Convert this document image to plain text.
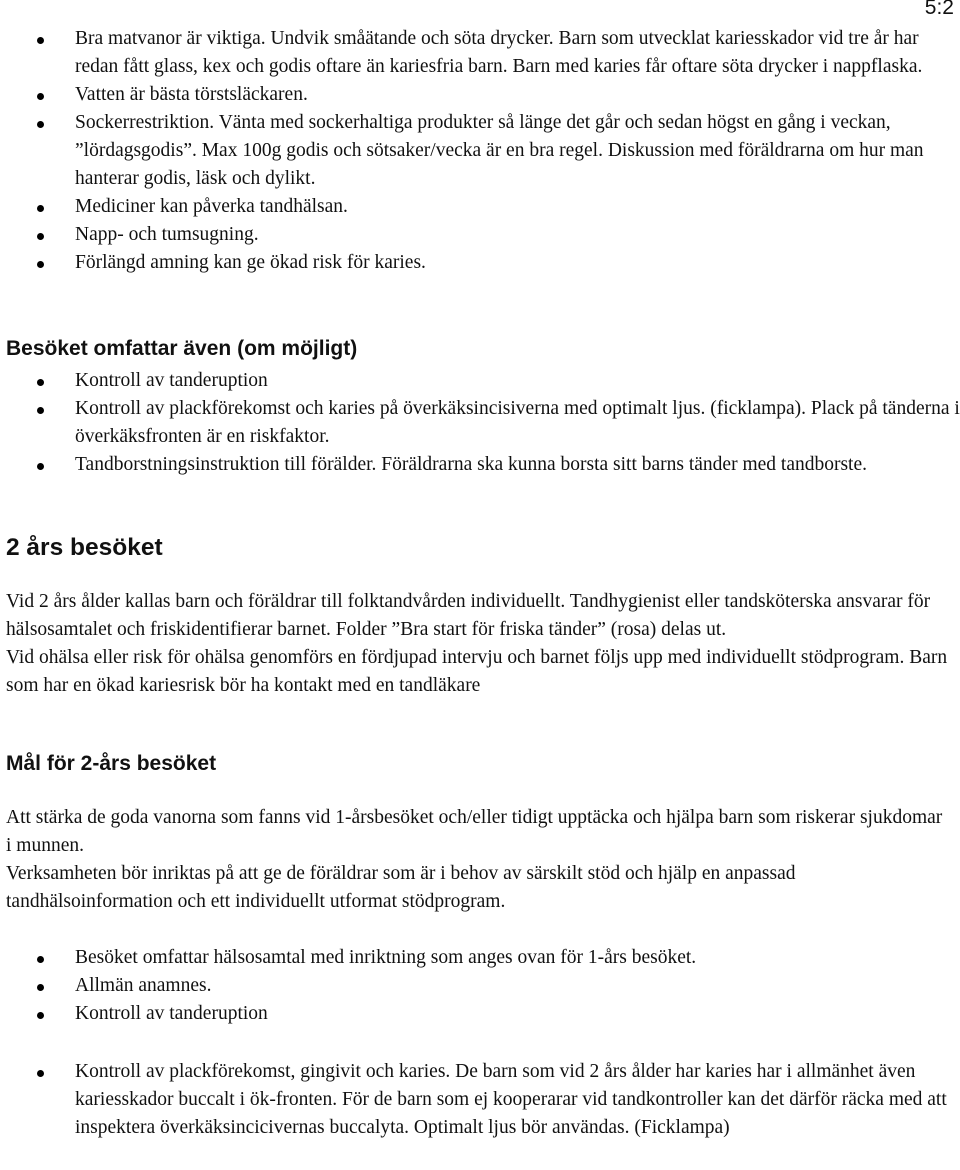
5:2
Bra matvanor är viktiga. Undvik småätande och söta drycker. Barn som utvecklat kariesskador vid tre år har redan fått glass, kex och godis oftare än kariesfria barn. Barn med karies får oftare söta drycker i nappflaska.
Vatten är bästa törstsläckaren.
Sockerrestriktion. Vänta med sockerhaltiga produkter så länge det går och sedan högst en gång i veckan, ”lördagsgodis”. Max 100g godis och sötsaker/vecka är en bra regel. Diskussion med föräldrarna om hur man hanterar godis, läsk och dylikt.
Mediciner kan påverka tandhälsan.
Napp- och tumsugning.
Förlängd amning kan ge ökad risk för karies.
Besöket omfattar även (om möjligt)
Kontroll av tanderuption
Kontroll av plackförekomst och karies på överkäksincisiverna med optimalt ljus. (ficklampa). Plack på tänderna i överkäksfronten är en riskfaktor.
Tandborstningsinstruktion till förälder. Föräldrarna ska kunna borsta sitt barns tänder med tandborste.
2 års besöket

Vid 2 års ålder kallas barn och föräldrar till folktandvården individuellt. Tandhygienist eller tandsköterska ansvarar för hälsosamtalet och friskidentifierar barnet. Folder ”Bra start för friska tänder” (rosa) delas ut.

Vid ohälsa eller risk för ohälsa genomförs en fördjupad intervju och barnet följs upp med individuellt stödprogram. Barn som har en ökad kariesrisk bör ha kontakt med en tandläkare

Mål för 2-års besöket

Att stärka de goda vanorna som fanns vid 1-årsbesöket och/eller tidigt upptäcka och hjälpa barn som riskerar sjukdomar i munnen.

Verksamheten bör inriktas på att ge de föräldrar som är i behov av särskilt stöd och hjälp en anpassad tandhälsoinformation och ett individuellt utformat stödprogram.

Besöket omfattar hälsosamtal med inriktning som anges ovan för 1-års besöket.
Allmän anamnes.
Kontroll av tanderuption
Kontroll av plackförekomst, gingivit och karies. De barn som vid 2 års ålder har karies har i allmänhet även kariesskador buccalt i ök-fronten. För de barn som ej kooperarar vid tandkontroller kan det därför räcka med att inspektera överkäksincicivernas buccalyta. Optimalt ljus bör användas. (Ficklampa)
